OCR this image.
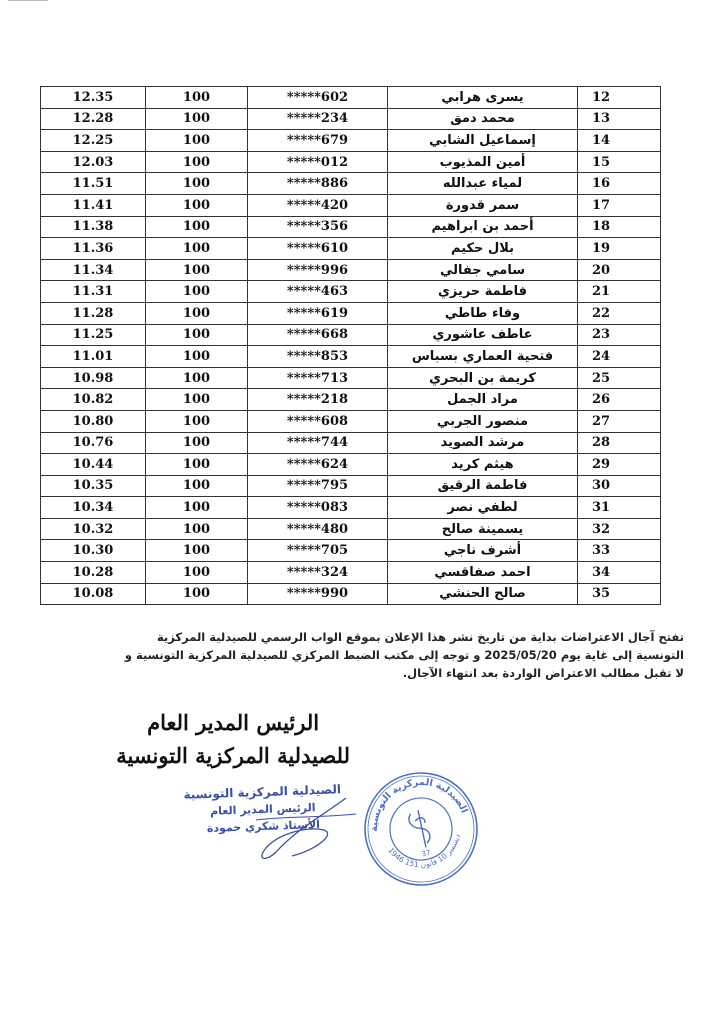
12.35	100	*****602	يسرى هرابي	12
12.28	100	*****234	محمد دمق	13
12.25	100	*****679	إسماعيل الشابي	14
12.03	100	*****012	أمين المذيوب	15
11.51	100	*****886	لمياء عبدالله	16
11.41	100	*****420	سمر قدورة	17
11.38	100	*****356	أحمد بن ابراهيم	18
11.36	100	*****610	بلال حكيم	19
11.34	100	*****996	سامي جفالي	20
11.31	100	*****463	فاطمة حريزي	21
11.28	100	*****619	وفاء طاطي	22
11.25	100	*****668	عاطف عاشوري	23
11.01	100	*****853	فتحية العماري بسباس	24
10.98	100	*****713	كريمة بن البحري	25
10.82	100	*****218	مراد الجمل	26
10.80	100	*****608	منصور الجربي	27
10.76	100	*****744	مرشد الصويد	28
10.44	100	*****624	هيثم كريد	29
10.35	100	*****795	فاطمة الرقيق	30
10.34	100	*****083	لطفي نصر	31
10.32	100	*****480	يسمينة صالح	32
10.30	100	*****705	أشرف ناجي	33
10.28	100	*****324	احمد صفاقسي	34
10.08	100	*****990	صالح الحنشي	35
تفتح آجال الاعتراضات بداية من تاريخ نشر هذا الإعلان بموقع الواب الرسمي للصيدلية المركزية
التونسية إلى غاية يوم 2025/05/20 و توجه إلى مكتب الضبط المركزي للصيدلية المركزية التونسية و
لا تقبل مطالب الاعتراض الواردة بعد انتهاء الآجال.
الرئيس المدير العام
للصيدلية المركزية التونسية
الصيدلية المركزية التونسية
الرئيس المدير العام
الأستاذ شكري حمودة	الصيدلية المركزية التونسية
1946 ديسمبر 10 قانون 151
37
